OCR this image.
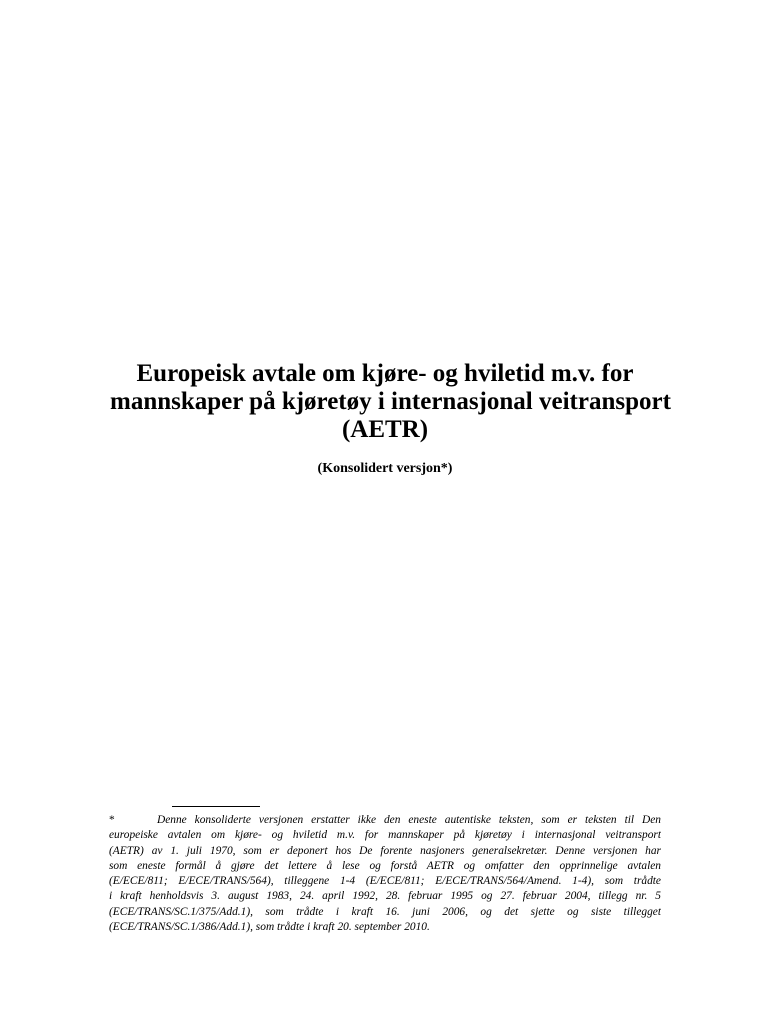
Europeisk avtale om kjøre- og hviletid m.v. for
mannskaper på kjøretøy i internasjonal veitransport
(AETR)
(Konsolidert versjon*)
*	Denne konsoliderte versjonen erstatter ikke den eneste autentiske teksten, som er teksten til Den
europeiske avtalen om kjøre- og hviletid m.v. for mannskaper på kjøretøy i internasjonal veitransport
(AETR) av 1. juli 1970, som er deponert hos De forente nasjoners generalsekretær. Denne versjonen har
som eneste formål å gjøre det lettere å lese og forstå AETR og omfatter den opprinnelige avtalen
(E/ECE/811; E/ECE/TRANS/564), tilleggene 1-4 (E/ECE/811; E/ECE/TRANS/564/Amend. 1-4), som trådte
i kraft henholdsvis 3. august 1983, 24. april 1992, 28. februar 1995 og 27. februar 2004, tillegg nr. 5
(ECE/TRANS/SC.1/375/Add.1), som trådte i kraft 16. juni 2006, og det sjette og siste tillegget
(ECE/TRANS/SC.1/386/Add.1), som trådte i kraft 20. september 2010.
